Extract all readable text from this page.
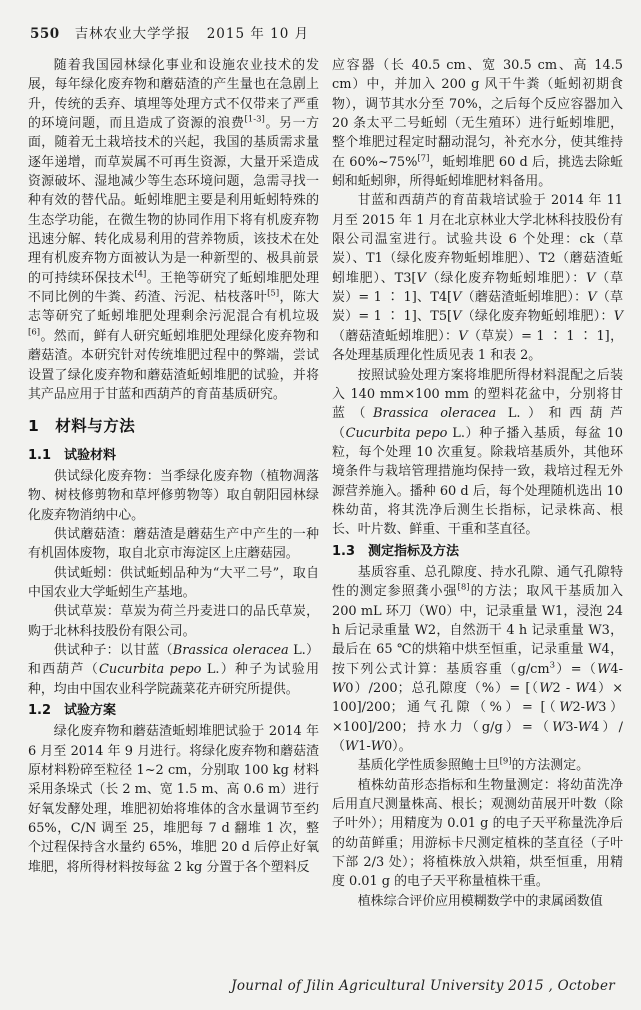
550 吉林农业大学学报 2015 年 10 月

随着我国园林绿化事业和设施农业技术的发展，每年绿化废弃物和蘑菇渣的产生量也在急剧上升，传统的丢弃、填埋等处理方式不仅带来了严重的环境问题，而且造成了资源的浪费[1-3]。另一方面，随着无土栽培技术的兴起，我国的基质需求量逐年递增，而草炭属不可再生资源，大量开采造成资源破坏、湿地减少等生态环境问题，急需寻找一种有效的替代品。蚯蚓堆肥主要是利用蚯蚓特殊的生态学功能，在微生物的协同作用下将有机废弃物迅速分解、转化成易利用的营养物质，该技术在处理有机废弃物方面被认为是一种新型的、极具前景的可持续环保技术[4]。王艳等研究了蚯蚓堆肥处理不同比例的牛粪、药渣、污泥、枯枝落叶[5]，陈大志等研究了蚯蚓堆肥处理剩余污泥混合有机垃圾[6]。然而，鲜有人研究蚯蚓堆肥处理绿化废弃物和蘑菇渣。本研究针对传统堆肥过程中的弊端，尝试设置了绿化废弃物和蘑菇渣蚯蚓堆肥的试验，并将其产品应用于甘蓝和西葫芦的育苗基质研究。

1　材料与方法
1.1　试验材料

供试绿化废弃物：当季绿化废弃物（植物凋落物、树枝修剪物和草坪修剪物等）取自朝阳园林绿化废弃物消纳中心。

供试蘑菇渣：蘑菇渣是蘑菇生产中产生的一种有机固体废物，取自北京市海淀区上庄蘑菇园。

供试蚯蚓：供试蚯蚓品种为“大平二号”，取自中国农业大学蚯蚓生产基地。

供试草炭：草炭为荷兰丹麦进口的品氏草炭，购于北林科技股份有限公司。

供试种子：以甘蓝（Brassica oleracea L.）和西葫芦（Cucurbita pepo L.）种子为试验用种，均由中国农业科学院蔬菜花卉研究所提供。

1.2　试验方案

绿化废弃物和蘑菇渣蚯蚓堆肥试验于 2014 年 6 月至 2014 年 9 月进行。将绿化废弃物和蘑菇渣原材料粉碎至粒径 1~2 cm，分别取 100 kg 材料采用条垛式（长 2 m、宽 1.5 m、高 0.6 m）进行好氧发酵处理，堆肥初始将堆体的含水量调节至约 65%，C/N 调至 25，堆肥每 7 d 翻堆 1 次，整个过程保持含水量约 65%，堆肥 20 d 后停止好氧堆肥，将所得材料按每盆 2 kg 分置于各个塑料反

应容器（长 40.5 cm、宽 30.5 cm、高 14.5 cm）中，并加入 200 g 风干牛粪（蚯蚓初期食物），调节其水分至 70%，之后每个反应容器加入 20 条太平二号蚯蚓（无生殖环）进行蚯蚓堆肥，整个堆肥过程定时翻动混匀，补充水分，使其维持在 60%~75%[7]，蚯蚓堆肥 60 d 后，挑选去除蚯蚓和蚯蚓卵，所得蚯蚓堆肥材料备用。

甘蓝和西葫芦的育苗栽培试验于 2014 年 11 月至 2015 年 1 月在北京林业大学北林科技股份有限公司温室进行。试验共设 6 个处理：ck（草炭）、T1（绿化废弃物蚯蚓堆肥）、T2（蘑菇渣蚯蚓堆肥）、T3[V（绿化废弃物蚯蚓堆肥）：V（草炭）= 1 ∶ 1]、T4[V（蘑菇渣蚯蚓堆肥）：V（草炭）= 1 ∶ 1]、T5[V（绿化废弃物蚯蚓堆肥）：V（蘑菇渣蚯蚓堆肥）：V（草炭）= 1 ∶ 1 ∶ 1]，各处理基质理化性质见表 1 和表 2。

按照试验处理方案将堆肥所得材料混配之后装入 140 mm×100 mm 的塑料花盆中，分别将甘蓝（Brassica oleracea L.）和西葫芦（Cucurbita pepo L.）种子播入基质，每盆 10 粒，每个处理 10 次重复。除栽培基质外，其他环境条件与栽培管理措施均保持一致，栽培过程无外源营养施入。播种 60 d 后，每个处理随机选出 10 株幼苗，将其洗净后测生长指标，记录株高、根长、叶片数、鲜重、干重和茎直径。

1.3　测定指标及方法

基质容重、总孔隙度、持水孔隙、通气孔隙特性的测定参照龚小强[8]的方法；取风干基质加入 200 mL 环刀（W0）中，记录重量 W1，浸泡 24 h 后记录重量 W2，自然沥干 4 h 记录重量 W3，最后在 65 ℃的烘箱中烘至恒重，记录重量 W4，按下列公式计算：基质容重$(g/cm^3)=(W4-W0)/200$；总孔隙度（%）= [（W2 - W4）× 100]/200；通气孔隙（%）= [（W2-W3）×100]/200；持水力（g/g）=（W3-W4）/（W1-W0）。

基质化学性质参照鲍士旦[9]的方法测定。

植株幼苗形态指标和生物量测定：将幼苗洗净后用直尺测量株高、根长；观测幼苗展开叶数（除子叶外）；用精度为 0.01 g 的电子天平称量洗净后的幼苗鲜重；用游标卡尺测定植株的茎直径（子叶下部 2/3 处）；将植株放入烘箱，烘至恒重，用精度 0.01 g 的电子天平称量植株干重。

植株综合评价应用模糊数学中的隶属函数值

Journal of Jilin Agricultural University 2015 , October
